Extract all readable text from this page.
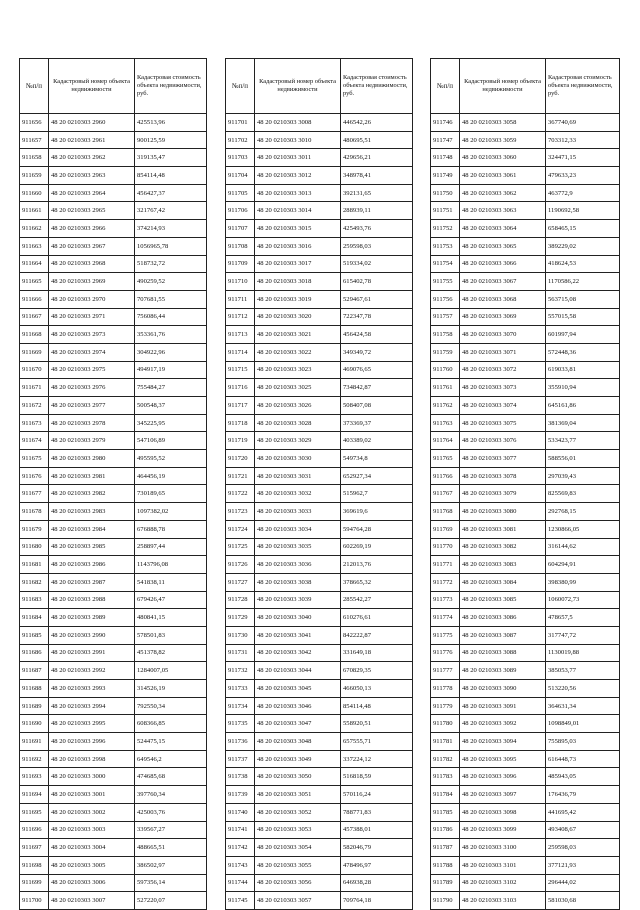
№п/п	Кадастровый номер объекта недвижимости	Кадастровая стоимость объекта недвижимости, руб.
911656	48 20 0210303 2960	425513,96
911657	48 20 0210303 2961	900125,59
911658	48 20 0210303 2962	319135,47
911659	48 20 0210303 2963	854114,48
911660	48 20 0210303 2964	456427,37
911661	48 20 0210303 2965	321767,42
911662	48 20 0210303 2966	374214,93
911663	48 20 0210303 2967	1056965,78
911664	48 20 0210303 2968	518732,72
911665	48 20 0210303 2969	490259,52
911666	48 20 0210303 2970	707681,55
911667	48 20 0210303 2971	756086,44
911668	48 20 0210303 2973	353361,76
911669	48 20 0210303 2974	304922,96
911670	48 20 0210303 2975	494917,19
911671	48 20 0210303 2976	755484,27
911672	48 20 0210303 2977	500548,37
911673	48 20 0210303 2978	345225,95
911674	48 20 0210303 2979	547106,89
911675	48 20 0210303 2980	495595,52
911676	48 20 0210303 2981	464456,19
911677	48 20 0210303 2982	730189,65
911678	48 20 0210303 2983	1097382,02
911679	48 20 0210303 2984	676888,78
911680	48 20 0210303 2985	258897,44
911681	48 20 0210303 2986	1143796,08
911682	48 20 0210303 2987	541838,11
911683	48 20 0210303 2988	679426,47
911684	48 20 0210303 2989	480841,15
911685	48 20 0210303 2990	578501,83
911686	48 20 0210303 2991	451378,82
911687	48 20 0210303 2992	1284007,05
911688	48 20 0210303 2993	314526,19
911689	48 20 0210303 2994	792550,34
911690	48 20 0210303 2995	608366,85
911691	48 20 0210303 2996	524475,15
911692	48 20 0210303 2998	649546,2
911693	48 20 0210303 3000	474685,68
911694	48 20 0210303 3001	397760,34
911695	48 20 0210303 3002	425003,76
911696	48 20 0210303 3003	339567,27
911697	48 20 0210303 3004	488665,51
911698	48 20 0210303 3005	386502,97
911699	48 20 0210303 3006	597356,14
911700	48 20 0210303 3007	527220,07
№п/п	Кадастровый номер объекта недвижимости	Кадастровая стоимость объекта недвижимости, руб.
911701	48 20 0210303 3008	446542,26
911702	48 20 0210303 3010	480695,51
911703	48 20 0210303 3011	429656,21
911704	48 20 0210303 3012	348978,41
911705	48 20 0210303 3013	392131,65
911706	48 20 0210303 3014	288939,11
911707	48 20 0210303 3015	425493,76
911708	48 20 0210303 3016	259598,03
911709	48 20 0210303 3017	519334,02
911710	48 20 0210303 3018	615402,78
911711	48 20 0210303 3019	529467,61
911712	48 20 0210303 3020	722347,78
911713	48 20 0210303 3021	456424,58
911714	48 20 0210303 3022	349349,72
911715	48 20 0210303 3023	469076,65
911716	48 20 0210303 3025	734842,87
911717	48 20 0210303 3026	508407,08
911718	48 20 0210303 3028	373369,37
911719	48 20 0210303 3029	403389,02
911720	48 20 0210303 3030	549734,8
911721	48 20 0210303 3031	652927,34
911722	48 20 0210303 3032	515962,7
911723	48 20 0210303 3033	369619,6
911724	48 20 0210303 3034	594764,28
911725	48 20 0210303 3035	602269,19
911726	48 20 0210303 3036	212013,76
911727	48 20 0210303 3038	378665,32
911728	48 20 0210303 3039	285542,27
911729	48 20 0210303 3040	610276,61
911730	48 20 0210303 3041	842222,87
911731	48 20 0210303 3042	331649,18
911732	48 20 0210303 3044	670829,35
911733	48 20 0210303 3045	466050,13
911734	48 20 0210303 3046	854114,48
911735	48 20 0210303 3047	558920,51
911736	48 20 0210303 3048	657555,71
911737	48 20 0210303 3049	337224,12
911738	48 20 0210303 3050	516818,59
911739	48 20 0210303 3051	570116,24
911740	48 20 0210303 3052	788771,83
911741	48 20 0210303 3053	457388,01
911742	48 20 0210303 3054	582046,79
911743	48 20 0210303 3055	478496,97
911744	48 20 0210303 3056	646938,28
911745	48 20 0210303 3057	709764,18
№п/п	Кадастровый номер объекта недвижимости	Кадастровая стоимость объекта недвижимости, руб.
911746	48 20 0210303 3058	367740,69
911747	48 20 0210303 3059	703312,33
911748	48 20 0210303 3060	324471,15
911749	48 20 0210303 3061	479633,23
911750	48 20 0210303 3062	463772,9
911751	48 20 0210303 3063	1190692,58
911752	48 20 0210303 3064	658465,15
911753	48 20 0210303 3065	389229,02
911754	48 20 0210303 3066	418624,53
911755	48 20 0210303 3067	1170586,22
911756	48 20 0210303 3068	563715,08
911757	48 20 0210303 3069	557015,58
911758	48 20 0210303 3070	601997,94
911759	48 20 0210303 3071	572448,36
911760	48 20 0210303 3072	619033,81
911761	48 20 0210303 3073	355910,94
911762	48 20 0210303 3074	645161,86
911763	48 20 0210303 3075	381369,04
911764	48 20 0210303 3076	533423,77
911765	48 20 0210303 3077	588556,01
911766	48 20 0210303 3078	297039,43
911767	48 20 0210303 3079	825569,83
911768	48 20 0210303 3080	292768,15
911769	48 20 0210303 3081	1230866,05
911770	48 20 0210303 3082	316144,62
911771	48 20 0210303 3083	604294,91
911772	48 20 0210303 3084	398380,99
911773	48 20 0210303 3085	1060072,73
911774	48 20 0210303 3086	478657,5
911775	48 20 0210303 3087	317747,72
911776	48 20 0210303 3088	1130019,88
911777	48 20 0210303 3089	385053,77
911778	48 20 0210303 3090	513220,56
911779	48 20 0210303 3091	364631,34
911780	48 20 0210303 3092	1098849,01
911781	48 20 0210303 3094	755895,03
911782	48 20 0210303 3095	616448,73
911783	48 20 0210303 3096	485943,05
911784	48 20 0210303 3097	176436,79
911785	48 20 0210303 3098	441695,42
911786	48 20 0210303 3099	493408,67
911787	48 20 0210303 3100	259598,03
911788	48 20 0210303 3101	377121,93
911789	48 20 0210303 3102	296444,02
911790	48 20 0210303 3103	581030,68
